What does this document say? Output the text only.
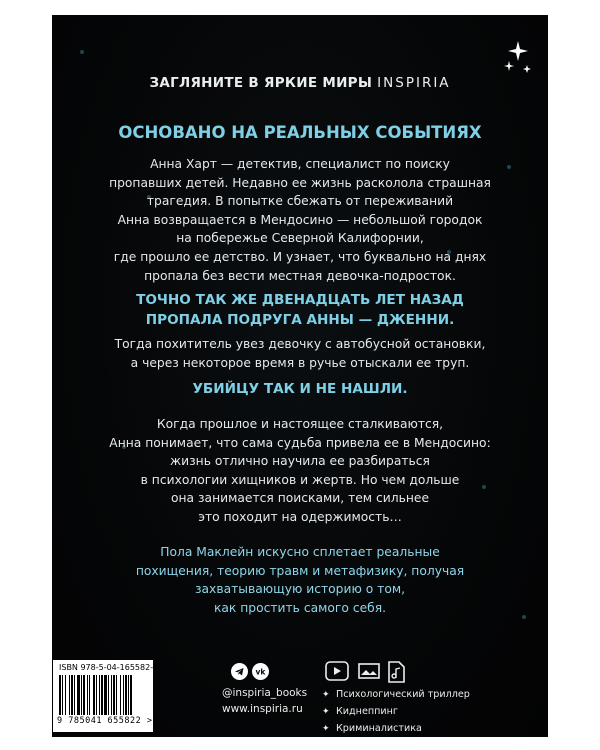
ЗАГЛЯНИТЕ В ЯРКИЕ МИРЫ INSPIRIA
ОСНОВАНО НА РЕАЛЬНЫХ СОБЫТИЯХ

Анна Харт — детектив, специалист по поиску
пропавших детей. Недавно ее жизнь расколола страшная
трагедия. В попытке сбежать от переживаний
Анна возвращается в Мендосино — небольшой городок
на побережье Северной Калифорнии,
где прошло ее детство. И узнает, что буквально на днях
пропала без вести местная девочка-подросток.

ТОЧНО ТАК ЖЕ ДВЕНАДЦАТЬ ЛЕТ НАЗАД
ПРОПАЛА ПОДРУГА АННЫ — ДЖЕННИ.

Тогда похититель увез девочку с автобусной остановки,
а через некоторое время в ручье отыскали ее труп.

УБИЙЦУ ТАК И НЕ НАШЛИ.

Когда прошлое и настоящее сталкиваются,
Анна понимает, что сама судьба привела ее в Мендосино:
жизнь отлично научила ее разбираться
в психологии хищников и жертв. Но чем дольше
она занимается поисками, тем сильнее
это походит на одержимость…

Пола Маклейн искусно сплетает реальные
похищения, теорию травм и метафизику, получая
захватывающую историю о том,
как простить самого себя.

ISBN 978-5-04-165582-2
9 785041 655822 >
vk
@inspiria_books
www.inspiria.ru
✦ Психологический триллер
✦ Киднеппинг
✦ Криминалистика
